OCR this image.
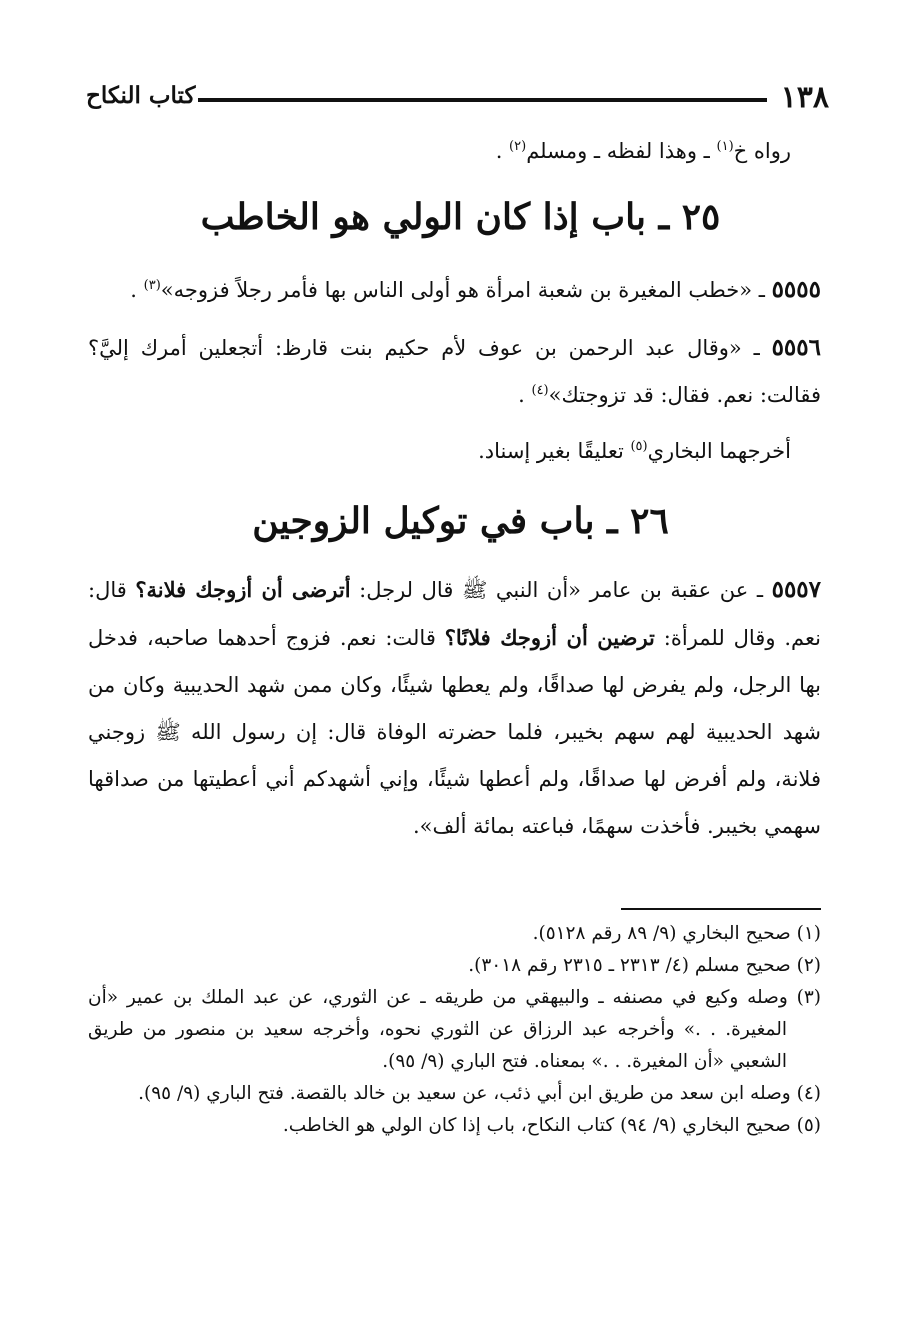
١٣٨
كتاب النكاح
رواه خ$^{(١)}$ ـ وهذا لفظه ـ ومسلم$^{(٢)}$ .
٢٥ ـ باب إذا كان الولي هو الخاطب
٥٥٥٥ ـ «خطب المغيرة بن شعبة امرأة هو أولى الناس بها فأمر رجلاً فزوجه»$^{(٣)}$ .
٥٥٥٦ ـ «وقال عبد الرحمن بن عوف لأم حكيم بنت قارظ: أتجعلين أمرك إليَّ؟ فقالت: نعم. فقال: قد تزوجتك»$^{(٤)}$ .
أخرجهما البخاري$^{(٥)}$ تعليقًا بغير إسناد.
٢٦ ـ باب في توكيل الزوجين
٥٥٥٧ ـ عن عقبة بن عامر «أن النبي ﷺ قال لرجل: أترضى أن أزوجك فلانة؟ قال: نعم. وقال للمرأة: ترضين أن أزوجك فلانًا؟ قالت: نعم. فزوج أحدهما صاحبه، فدخل بها الرجل، ولم يفرض لها صداقًا، ولم يعطها شيئًا، وكان ممن شهد الحديبية وكان من شهد الحديبية لهم سهم بخيبر، فلما حضرته الوفاة قال: إن رسول الله ﷺ زوجني فلانة، ولم أفرض لها صداقًا، ولم أعطها شيئًا، وإني أشهدكم أني أعطيتها من صداقها سهمي بخيبر. فأخذت سهمًا، فباعته بمائة ألف».

(١) صحيح البخاري (٩/ ٨٩ رقم ٥١٢٨).

(٢) صحيح مسلم (٤/ ٢٣١٣ ـ ٢٣١٥ رقم ٣٠١٨).

(٣) وصله وكيع في مصنفه ـ والبيهقي من طريقه ـ عن الثوري، عن عبد الملك بن عمير «أن المغيرة. . .» وأخرجه عبد الرزاق عن الثوري نحوه، وأخرجه سعيد بن منصور من طريق الشعبي «أن المغيرة. . .» بمعناه. فتح الباري (٩/ ٩٥).

(٤) وصله ابن سعد من طريق ابن أبي ذئب، عن سعيد بن خالد بالقصة. فتح الباري (٩/ ٩٥).

(٥) صحيح البخاري (٩/ ٩٤) كتاب النكاح، باب إذا كان الولي هو الخاطب.
